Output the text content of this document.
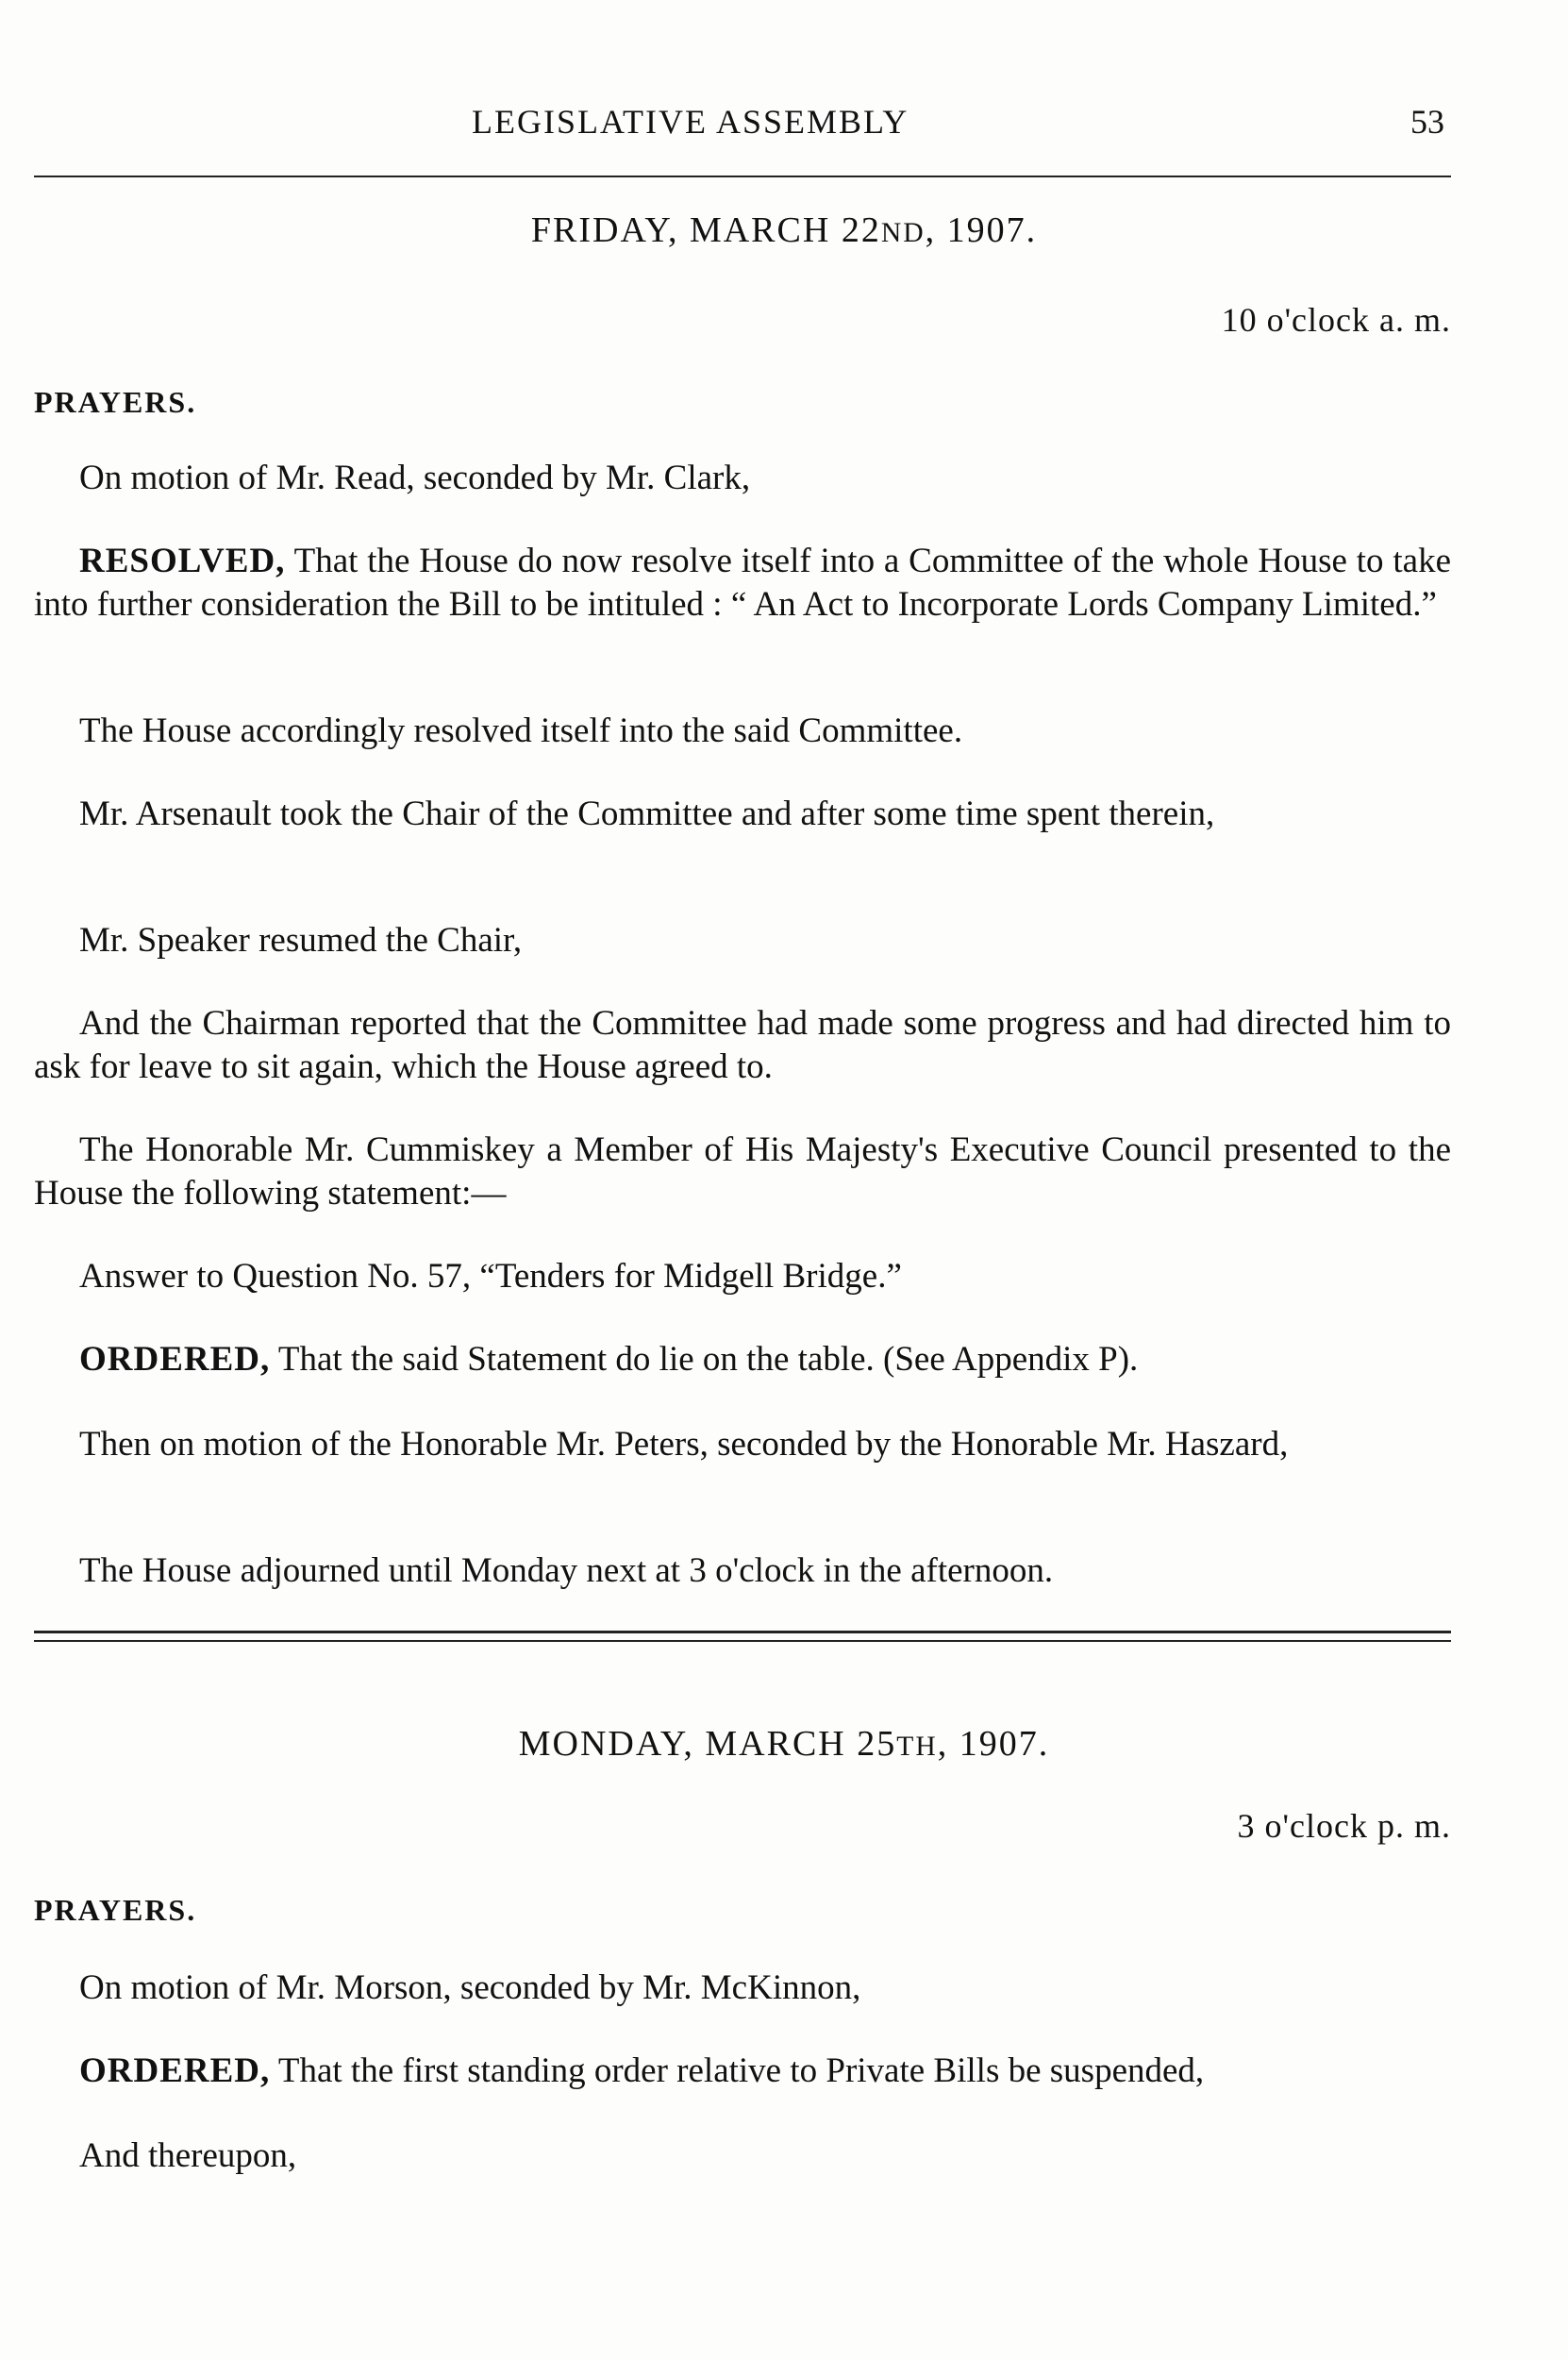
LEGISLATIVE ASSEMBLY	53
FRIDAY, MARCH 22ND, 1907.
10 o'clock a. m.
PRAYERS.
On motion of Mr. Read, seconded by Mr. Clark,
RESOLVED, That the House do now resolve itself into a Committee of the whole House to take into further consideration the Bill to be intituled : “ An Act to Incorporate Lords Company Limited.”
The House accordingly resolved itself into the said Committee.
Mr. Arsenault took the Chair of the Committee and after some time spent therein,
Mr. Speaker resumed the Chair,
And the Chairman reported that the Committee had made some progress and had directed him to ask for leave to sit again, which the House agreed to.
The Honorable Mr. Cummiskey a Member of His Majesty's Executive Council presented to the House the following statement:—
Answer to Question No. 57, “Tenders for Midgell Bridge.”
ORDERED, That the said Statement do lie on the table. (See Appendix P).
Then on motion of the Honorable Mr. Peters, seconded by the Honorable Mr. Haszard,
The House adjourned until Monday next at 3 o'clock in the afternoon.
MONDAY, MARCH 25TH, 1907.
3 o'clock p. m.
PRAYERS.
On motion of Mr. Morson, seconded by Mr. McKinnon,
ORDERED, That the first standing order relative to Private Bills be suspended,
And thereupon,
